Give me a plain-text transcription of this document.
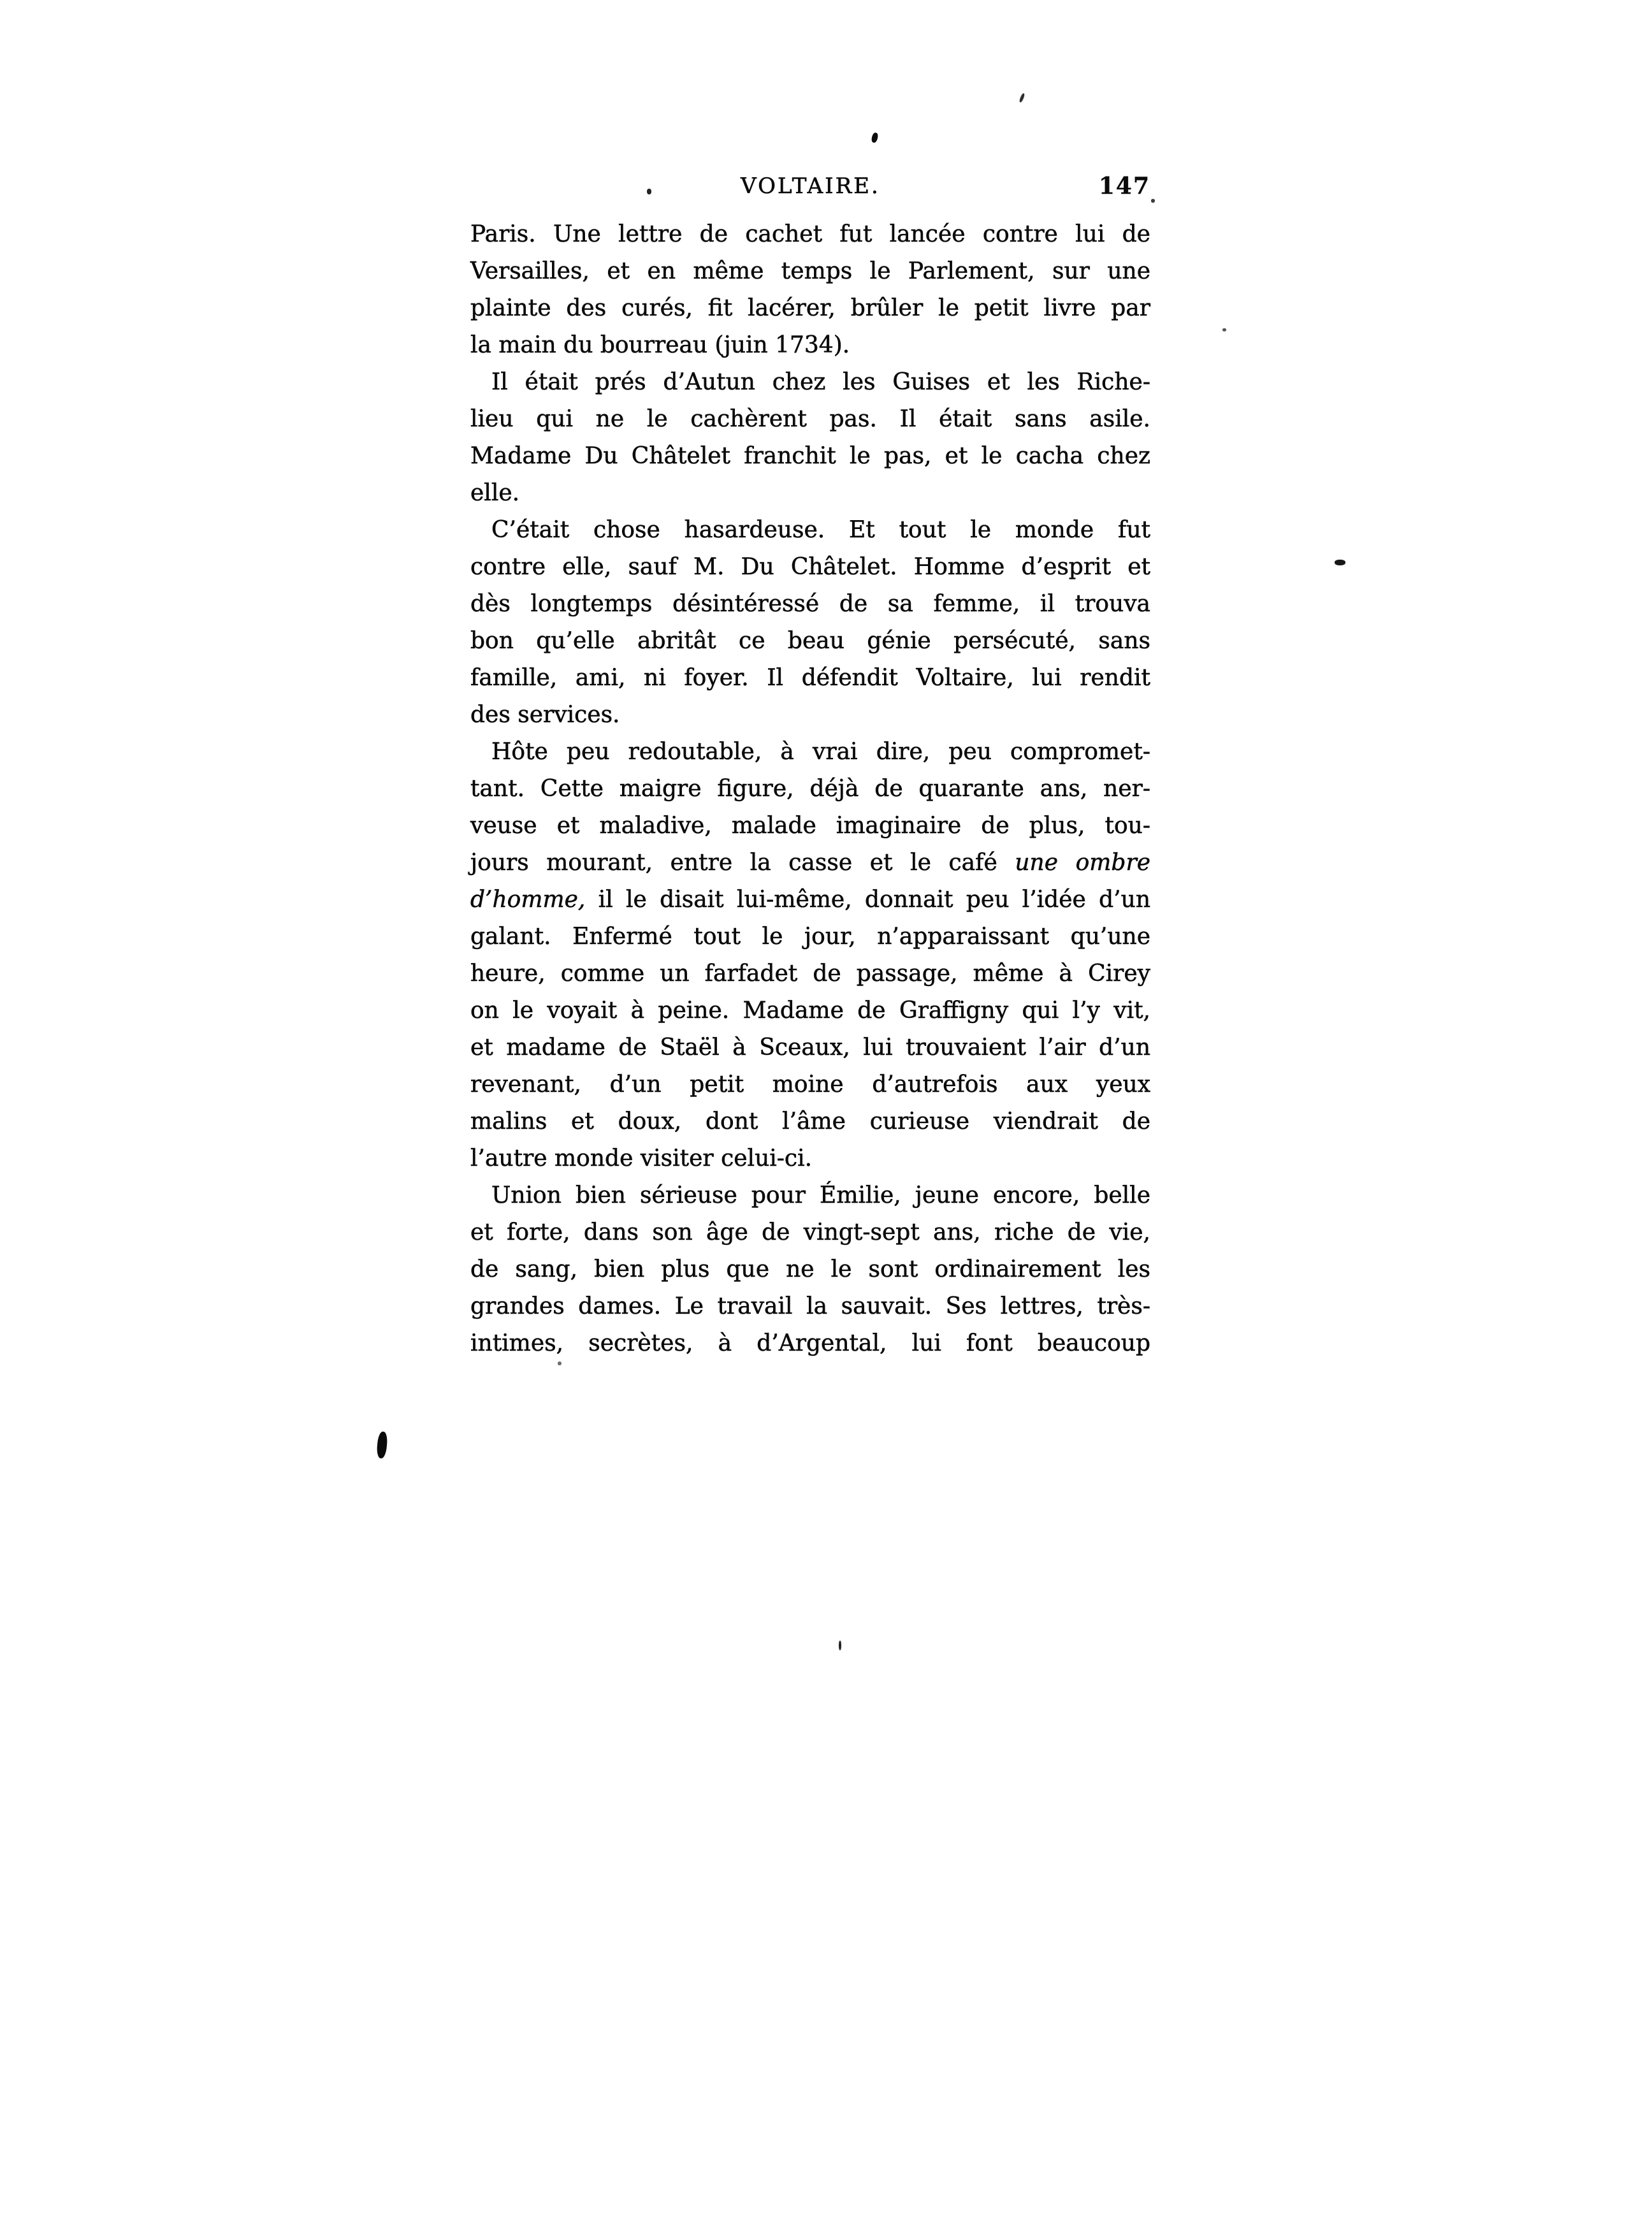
VOLTAIRE.	147
Paris. Une lettre de cachet fut lancée contre lui de
Versailles, et en même temps le Parlement, sur une
plainte des curés, fit lacérer, brûler le petit livre par
la main du bourreau (juin 1734).
Il était prés d’Autun chez les Guises et les Riche-
lieu qui ne le cachèrent pas. Il était sans asile.
Madame Du Châtelet franchit le pas, et le cacha chez
elle.
C’était chose hasardeuse. Et tout le monde fut
contre elle, sauf M. Du Châtelet. Homme d’esprit et
dès longtemps désintéressé de sa femme, il trouva
bon qu’elle abritât ce beau génie persécuté, sans
famille, ami, ni foyer. Il défendit Voltaire, lui rendit
des services.
Hôte peu redoutable, à vrai dire, peu compromet-
tant. Cette maigre figure, déjà de quarante ans, ner-
veuse et maladive, malade imaginaire de plus, tou-
jours mourant, entre la casse et le café une ombre
d’homme, il le disait lui-même, donnait peu l’idée d’un
galant. Enfermé tout le jour, n’apparaissant qu’une
heure, comme un farfadet de passage, même à Cirey
on le voyait à peine. Madame de Graffigny qui l’y vit,
et madame de Staël à Sceaux, lui trouvaient l’air d’un
revenant, d’un petit moine d’autrefois aux yeux
malins et doux, dont l’âme curieuse viendrait de
l’autre monde visiter celui-ci.
Union bien sérieuse pour Émilie, jeune encore, belle
et forte, dans son âge de vingt-sept ans, riche de vie,
de sang, bien plus que ne le sont ordinairement les
grandes dames. Le travail la sauvait. Ses lettres, très-
intimes, secrètes, à d’Argental, lui font beaucoup
